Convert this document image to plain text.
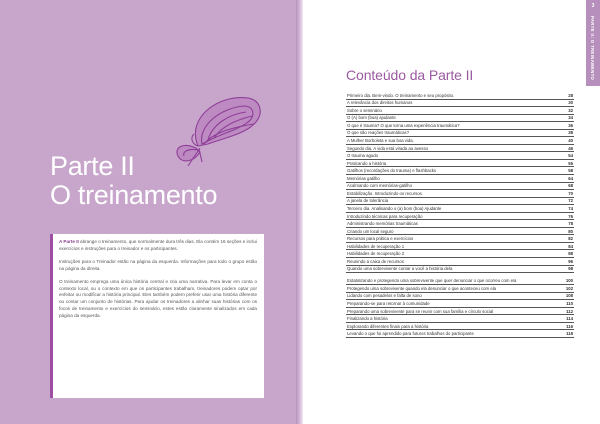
Parte II
O treinamento

A Parte II abrange o treinamento, que normalmente dura três dias. Ela contém 16 seções e inclui exercícios e instruções para o treinador e os participantes.

Instruções para o Treinador estão na página da esquerda. Informações para todo o grupo estão na página da direita.

O treinamento emprega uma única história central e cria uma narrativa. Para levar em conta o contexto local, ou o contexto em que os participantes trabalham, treinadores podem optar por enfeitar ou modificar a história principal. Eles também podem preferir usar uma história diferente ou contar um conjunto de histórias. Para ajudar os treinadores a alinhar suas histórias com os focos de treinamento e exercícios do seminário, estes estão claramente sinalizados em cada página da esquerda.

3
PARTE II: O TREINAMENTO
Conteúdo da Parte II
Primeiro dia. Bem-vindo. O treinamento e seu propósito.	28
A relevância dos direitos humanos	30
Sobre o seminário	32
O (A) bom (boa) ajudante	34
O que é trauma? O que torna uma experiência traumática?	36
O que são reações traumáticas?	38
A Mulher Borboleta e sua boa vida.	40
Segundo dia. A vida está virada ao avesso	46
O trauma agudo	54
Praticando a história	55
Gatilhos (recordações do trauma) e flashbacks	58
Memórias gatilho	64
Acalmando com memórias-gatilho	68
Estabilização. Introduzindo os recursos.	70
A janela de tolerância	72
Terceiro dia. Analisando o (a) bom (boa) Ajudante	74
Introduzindo técnicas para recuperação	76
Administrando memórias traumáticas	78
Criando um local seguro	80
Recursos para prática e exercícios	82
Habilidades de recuperação 1	84
Habilidades de recuperação 2	88
Reunindo a caixa de recursos	96
Quando uma sobrevivente contar a você a história dela	98
Estabilizando e protegendo uma sobrevivente que quer denunciar o que ocorreu com ela	100
Protegendo uma sobrevivente quando ela denunciar o que aconteceu com ela	102
Lidando com pesadelos e falta de sono	108
Preparando-se para retornar à comunidade	110
Preparando uma sobrevivente para se reunir com sua família e círculo social	112
Finalizando a história	114
Explorando diferentes finais para a história	116
Levando o que foi aprendido para futuros trabalhos do participante	118
